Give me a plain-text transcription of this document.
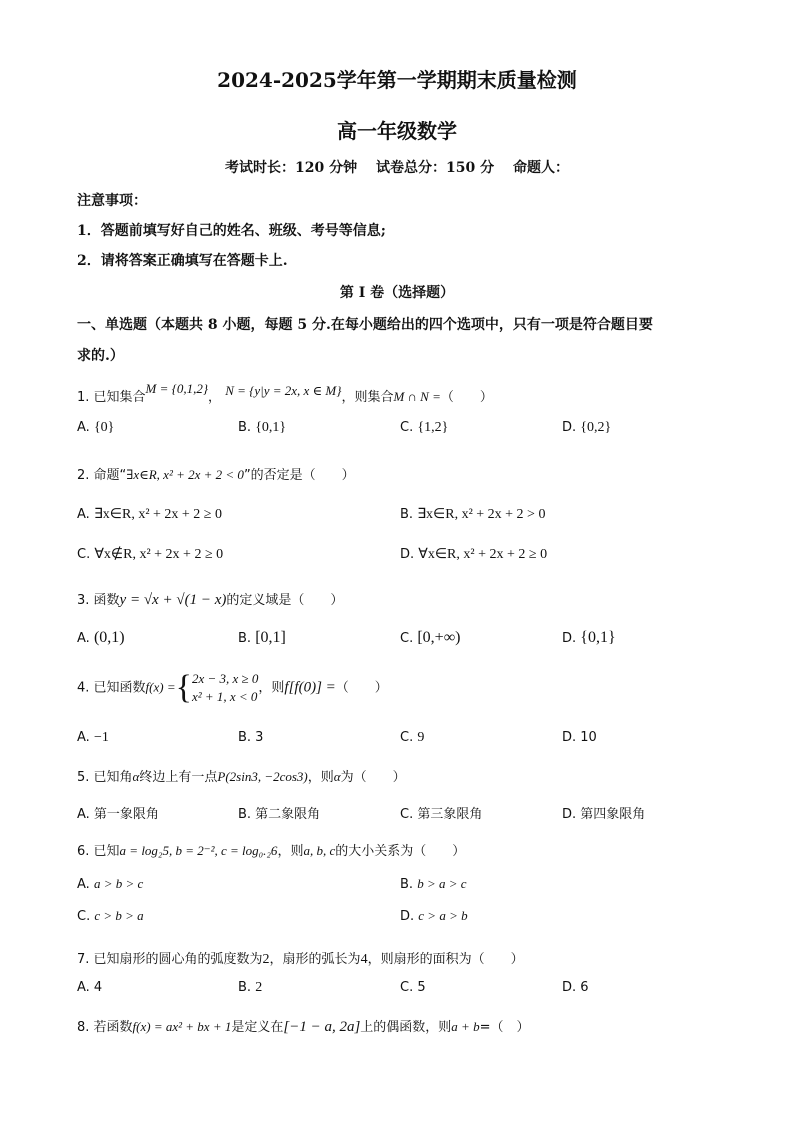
2024-2025学年第一学期期末质量检测
高一年级数学
考试时长：120 分钟　 试卷总分：150 分　 命题人：
注意事项：
1．答题前填写好自己的姓名、班级、考号等信息;
2．请将答案正确填写在答题卡上.
第 I 卷（选择题）
一、单选题（本题共 8 小题，每题 5 分.在每小题给出的四个选项中，只有一项是符合题目要
求的.）
1. 已知集合M = {0,1,2}， N = {y|y = 2x, x ∈ M}，则集合M ∩ N =（　　）
A. {0}	B. {0,1}	C. {1,2}	D. {0,2}
2. 命题“∃x∈R, x² + 2x + 2 < 0”的否定是（　　）
A. ∃x∈R, x² + 2x + 2 ≥ 0	B. ∃x∈R, x² + 2x + 2 > 0
C. ∀x∉R, x² + 2x + 2 ≥ 0	D. ∀x∈R, x² + 2x + 2 ≥ 0
3. 函数y = √x + √(1 − x)的定义域是（　　）
A. (0,1)	B. [0,1]	C. [0,+∞)	D. {0,1}
4. 已知函数f(x) ={2x − 3, x ≥ 0
x² + 1, x < 0，则f[f(0)] =（　　）
A. −1	B. 3	C. 9	D. 10
5. 已知角α终边上有一点P(2sin3, −2cos3)，则α为（　　）
A. 第一象限角	B. 第二象限角	C. 第三象限角	D. 第四象限角
6. 已知a = log₂5, b = 2⁻², c = log₀.₂6，则a, b, c的大小关系为（　　）
A. a > b > c	B. b > a > c
C. c > b > a	D. c > a > b
7. 已知扇形的圆心角的弧度数为2，扇形的弧长为4，则扇形的面积为（　　）
A. 4	B. 2	C. 5	D. 6
8. 若函数f(x) = ax² + bx + 1是定义在[−1 − a, 2a]上的偶函数，则a + b=（　）
